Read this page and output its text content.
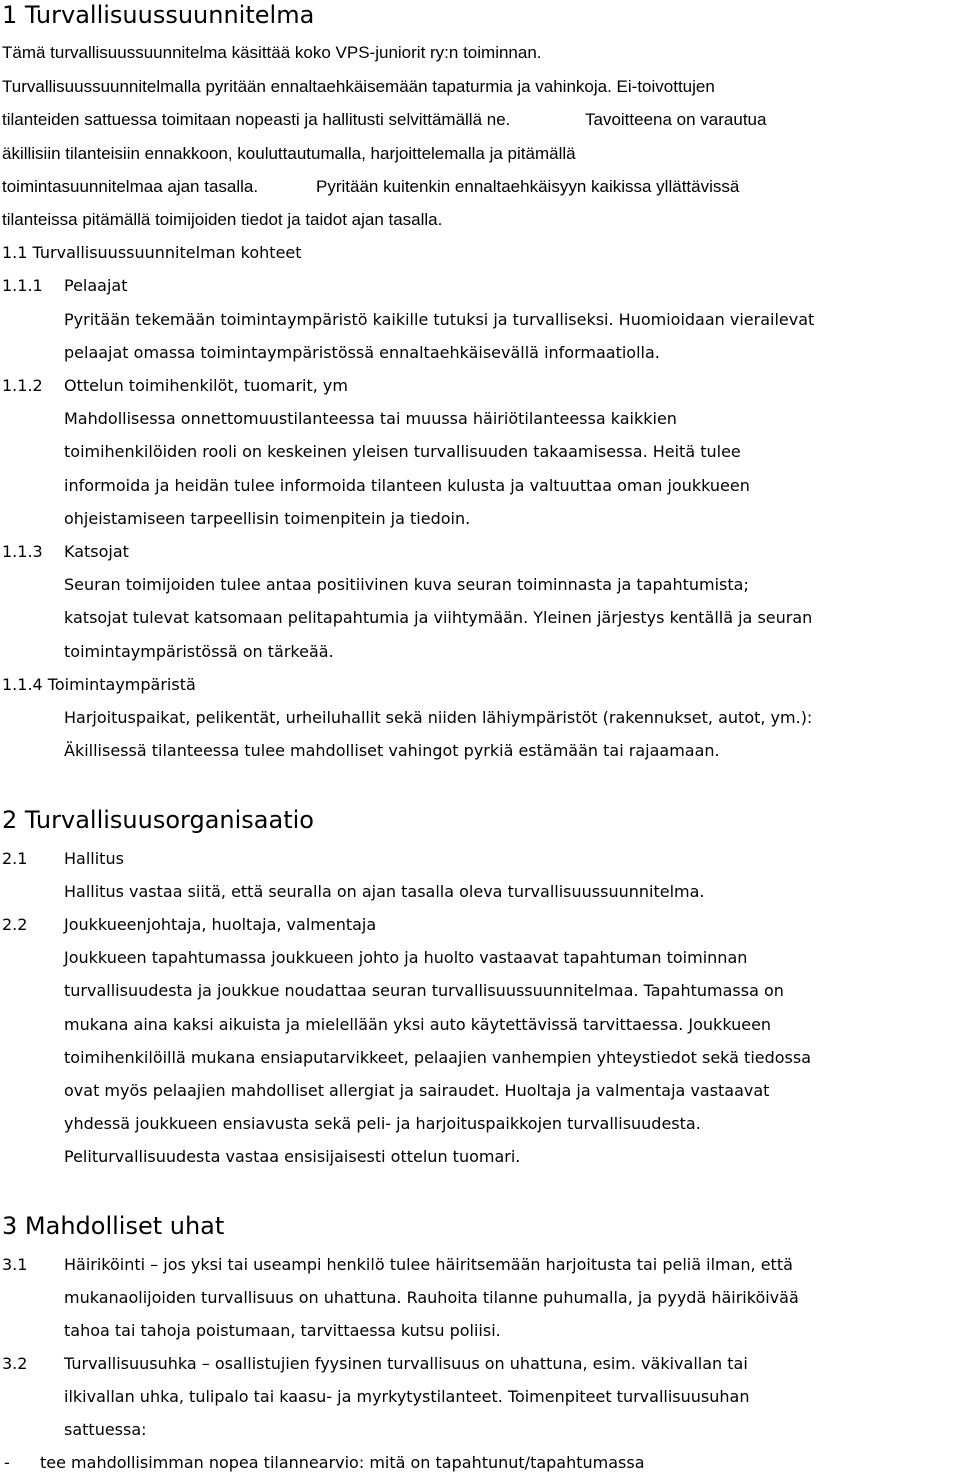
1 Turvallisuussuunnitelma
Tämä turvallisuussuunnitelma käsittää koko VPS-juniorit ry:n toiminnan.
Turvallisuussuunnitelmalla pyritään ennaltaehkäisemään tapaturmia ja vahinkoja. Ei-toivottujen
tilanteiden sattuessa toimitaan nopeasti ja hallitusti selvittämällä ne.	Tavoitteena on varautua
äkillisiin tilanteisiin ennakkoon, kouluttautumalla, harjoittelemalla ja pitämällä
toimintasuunnitelmaa ajan tasalla.	Pyritään kuitenkin ennaltaehkäisyyn kaikissa yllättävissä
tilanteissa pitämällä toimijoiden tiedot ja taidot ajan tasalla.
1.1 Turvallisuussuunnitelman kohteet
1.1.1 Pelaajat
Pyritään tekemään toimintaympäristö kaikille tutuksi ja turvalliseksi. Huomioidaan vierailevat
pelaajat omassa toimintaympäristössä ennaltaehkäisevällä informaatiolla.
1.1.2 Ottelun toimihenkilöt, tuomarit, ym
Mahdollisessa onnettomuustilanteessa tai muussa häiriötilanteessa kaikkien
toimihenkilöiden rooli on keskeinen yleisen turvallisuuden takaamisessa. Heitä tulee
informoida ja heidän tulee informoida tilanteen kulusta ja valtuuttaa oman joukkueen
ohjeistamiseen tarpeellisin toimenpitein ja tiedoin.
1.1.3 Katsojat
Seuran toimijoiden tulee antaa positiivinen kuva seuran toiminnasta ja tapahtumista;
katsojat tulevat katsomaan pelitapahtumia ja viihtymään. Yleinen järjestys kentällä ja seuran
toimintaympäristössä on tärkeää.
1.1.4 Toimintaympäristä
Harjoituspaikat, pelikentät, urheiluhallit sekä niiden lähiympäristöt (rakennukset, autot, ym.):
Äkillisessä tilanteessa tulee mahdolliset vahingot pyrkiä estämään tai rajaamaan.
2 Turvallisuusorganisaatio
2.1 Hallitus
Hallitus vastaa siitä, että seuralla on ajan tasalla oleva turvallisuussuunnitelma.
2.2 Joukkueenjohtaja, huoltaja, valmentaja
Joukkueen tapahtumassa joukkueen johto ja huolto vastaavat tapahtuman toiminnan
turvallisuudesta ja joukkue noudattaa seuran turvallisuussuunnitelmaa. Tapahtumassa on
mukana aina kaksi aikuista ja mielellään yksi auto käytettävissä tarvittaessa. Joukkueen
toimihenkilöillä mukana ensiaputarvikkeet, pelaajien vanhempien yhteystiedot sekä tiedossa
ovat myös pelaajien mahdolliset allergiat ja sairaudet. Huoltaja ja valmentaja vastaavat
yhdessä joukkueen ensiavusta sekä peli- ja harjoituspaikkojen turvallisuudesta.
Peliturvallisuudesta vastaa ensisijaisesti ottelun tuomari.
3 Mahdolliset uhat
3.1 Häiriköinti – jos yksi tai useampi henkilö tulee häiritsemään harjoitusta tai peliä ilman, että
mukanaolijoiden turvallisuus on uhattuna. Rauhoita tilanne puhumalla, ja pyydä häiriköivää
tahoa tai tahoja poistumaan, tarvittaessa kutsu poliisi.
3.2 Turvallisuusuhka – osallistujien fyysinen turvallisuus on uhattuna, esim. väkivallan tai
ilkivallan uhka, tulipalo tai kaasu- ja myrkytystilanteet. Toimenpiteet turvallisuusuhan
sattuessa:
- tee mahdollisimman nopea tilannearvio: mitä on tapahtunut/tapahtumassa
